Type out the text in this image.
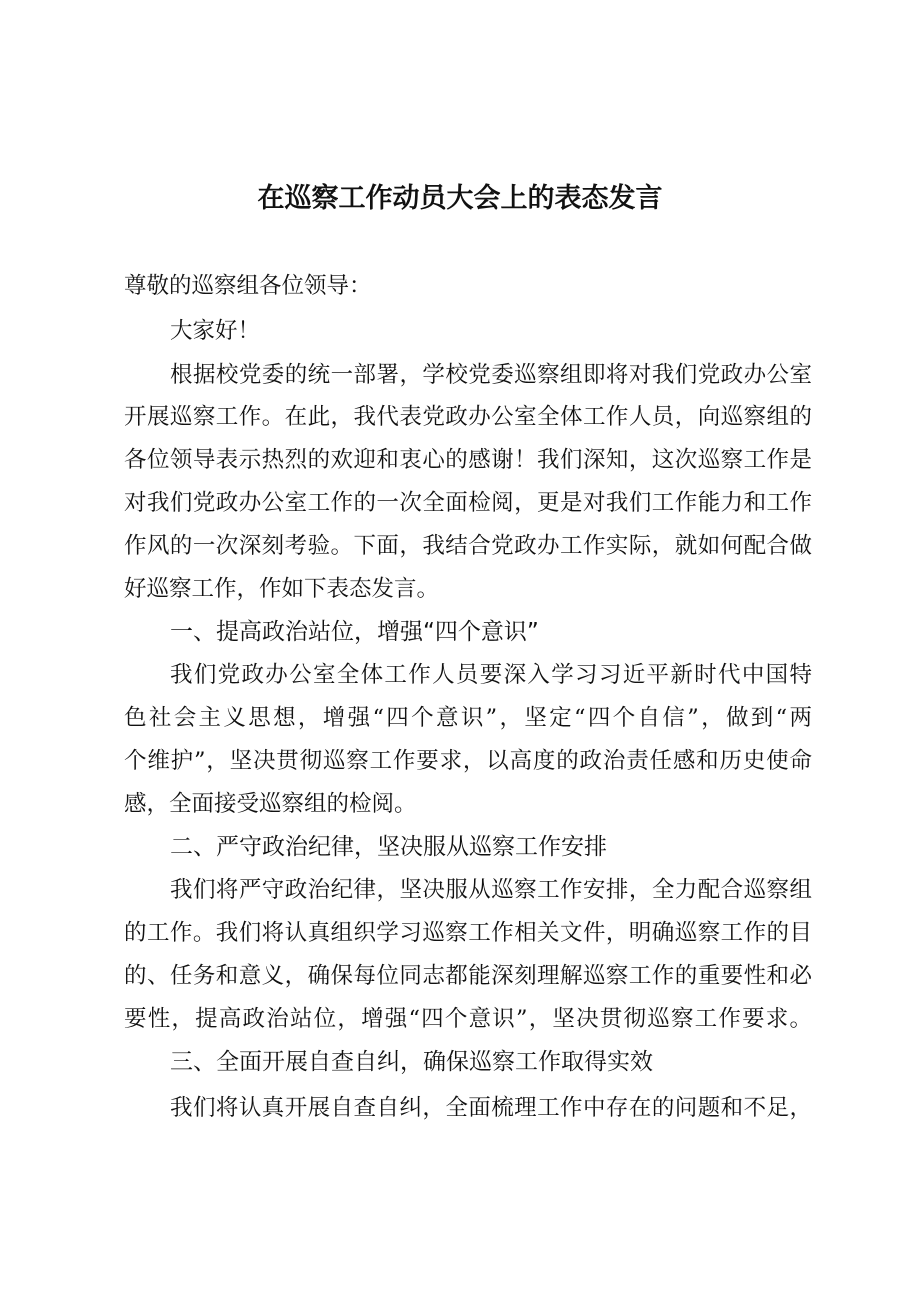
在巡察工作动员大会上的表态发言
尊敬的巡察组各位领导：
大家好！
根据校党委的统一部署，学校党委巡察组即将对我们党政办公室
开展巡察工作。在此，我代表党政办公室全体工作人员，向巡察组的
各位领导表示热烈的欢迎和衷心的感谢！我们深知，这次巡察工作是
对我们党政办公室工作的一次全面检阅，更是对我们工作能力和工作
作风的一次深刻考验。下面，我结合党政办工作实际，就如何配合做
好巡察工作，作如下表态发言。
一、提高政治站位，增强“四个意识”
我们党政办公室全体工作人员要深入学习习近平新时代中国特
色社会主义思想，增强“四个意识”，坚定“四个自信”，做到“两
个维护”，坚决贯彻巡察工作要求，以高度的政治责任感和历史使命
感，全面接受巡察组的检阅。
二、严守政治纪律，坚决服从巡察工作安排
我们将严守政治纪律，坚决服从巡察工作安排，全力配合巡察组
的工作。我们将认真组织学习巡察工作相关文件，明确巡察工作的目
的、任务和意义，确保每位同志都能深刻理解巡察工作的重要性和必
要性，提高政治站位，增强“四个意识”，坚决贯彻巡察工作要求。
三、全面开展自查自纠，确保巡察工作取得实效
我们将认真开展自查自纠，全面梳理工作中存在的问题和不足，
